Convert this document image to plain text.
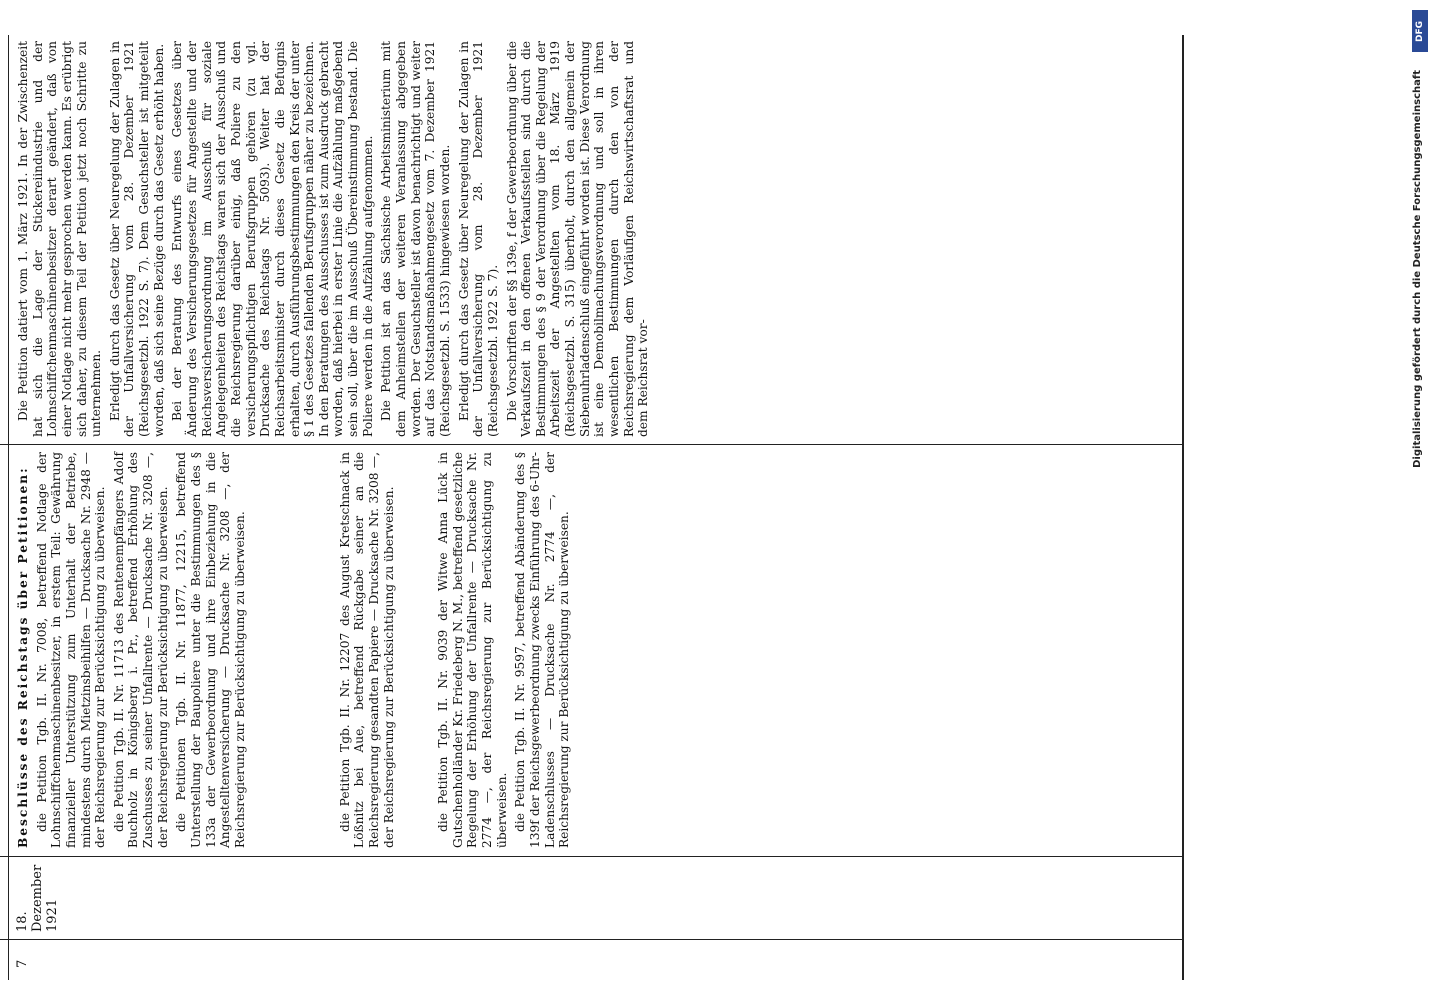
7
18. Dezember 1921

Beschlüsse des Reichstags über Petitionen: die Petition Tgb. II. Nr. 7008, betreffend Notlage der Lohnschiffchenmaschinenbesitzer, in erstem Teil: Gewährung finanzieller Unterstützung zum Unterhalt der Betriebe, mindestens durch Mietzinsbeihilfen — Drucksache Nr. 2948 — der Reichsregierung zur Berücksichtigung zu überweisen. die Petition Tgb. II. Nr. 11713 des Rentenempfängers Adolf Buchholz in Königsberg i. Pr., betreffend Erhöhung des Zuschusses zu seiner Unfallrente — Drucksache Nr. 3208 —, der Reichsregierung zur Berücksichtigung zu überweisen. die Petitionen Tgb. II. Nr. 11877, 12215, betreffend Unterstellung der Baupoliere unter die Bestimmungen des § 133a der Gewerbeordnung und ihre Einbeziehung in die Angestelltenversicherung — Drucksache Nr. 3208 —, der Reichsregierung zur Berücksichtigung zu überweisen.	die Petition Tgb. II. Nr. 12207 des August Kretschnack in Lößnitz bei Aue, betreffend Rückgabe seiner an die Reichsregierung gesandten Papiere — Drucksache Nr. 3208 —, der Reichsregierung zur Berücksichtigung zu überweisen.	die Petition Tgb. II. Nr. 9039 der Witwe Anna Lück in Gutschenholländer Kr. Friedeberg N. M., betreffend gesetzliche Regelung der Erhöhung der Unfallrente — Drucksache Nr. 2774 —, der Reichsregierung zur Berücksichtigung zu überweisen. die Petition Tgb. II. Nr. 9597, betreffend Abänderung des § 139f der Reichsgewerbeordnung zwecks Einführung des 6-Uhr-Ladenschlusses — Drucksache Nr. 2774 —, der Reichsregierung zur Berücksichtigung zu überweisen.

Die Petition datiert vom 1. März 1921. In der Zwischenzeit hat sich die Lage der Stickereiindustrie und der Lohnschiffchenmaschinenbesitzer derart geändert, daß von einer Notlage nicht mehr gesprochen werden kann. Es erübrigt sich daher, zu diesem Teil der Petition jetzt noch Schritte zu unternehmen. Erledigt durch das Gesetz über Neuregelung der Zulagen in der Unfallversicherung vom 28. Dezember 1921 (Reichsgesetzbl. 1922 S. 7). Dem Gesuchsteller ist mitgeteilt worden, daß sich seine Bezüge durch das Gesetz erhöht haben. Bei der Beratung des Entwurfs eines Gesetzes über Änderung des Versicherungsgesetzes für Angestellte und der Reichsversicherungsordnung im Ausschuß für soziale Angelegenheiten des Reichstags waren sich der Ausschuß und die Reichsregierung darüber einig, daß Poliere zu den versicherungspflichtigen Berufsgruppen gehören (zu vgl. Drucksache des Reichstags Nr. 5093). Weiter hat der Reichsarbeitsminister durch dieses Gesetz die Befugnis erhalten, durch Ausführungsbestimmungen den Kreis der unter § 1 des Gesetzes fallenden Berufsgruppen näher zu bezeichnen. In den Beratungen des Ausschusses ist zum Ausdruck gebracht worden, daß hierbei in erster Linie die Aufzählung maßgebend sein soll, über die im Ausschuß Übereinstimmung bestand. Die Poliere werden in die Aufzählung aufgenommen. Die Petition ist an das Sächsische Arbeitsministerium mit dem Anheimstellen der weiteren Veranlassung abgegeben worden. Der Gesuchsteller ist davon benachrichtigt und weiter auf das Notstandsmaßnahmengesetz vom 7. Dezember 1921 (Reichsgesetzbl. S. 1533) hingewiesen worden. Erledigt durch das Gesetz über Neuregelung der Zulagen in der Unfallversicherung vom 28. Dezember 1921 (Reichsgesetzbl. 1922 S. 7). Die Vorschriften der §§ 139e, f der Gewerbeordnung über die Verkaufszeit in den offenen Verkaufsstellen sind durch die Bestimmungen des § 9 der Verordnung über die Regelung der Arbeitszeit der Angestellten vom 18. März 1919 (Reichsgesetzbl. S. 315) überholt, durch den allgemein der Siebenuhrladenschluß eingeführt worden ist. Diese Verordnung ist eine Demobilmachungsverordnung und soll in ihren wesentlichen Bestimmungen durch den von der Reichsregierung dem Vorläufigen Reichswirtschaftsrat und dem Reichsrat vor-

DFG
Digitalisierung gefördert durch die Deutsche Forschungsgemeinschaft
